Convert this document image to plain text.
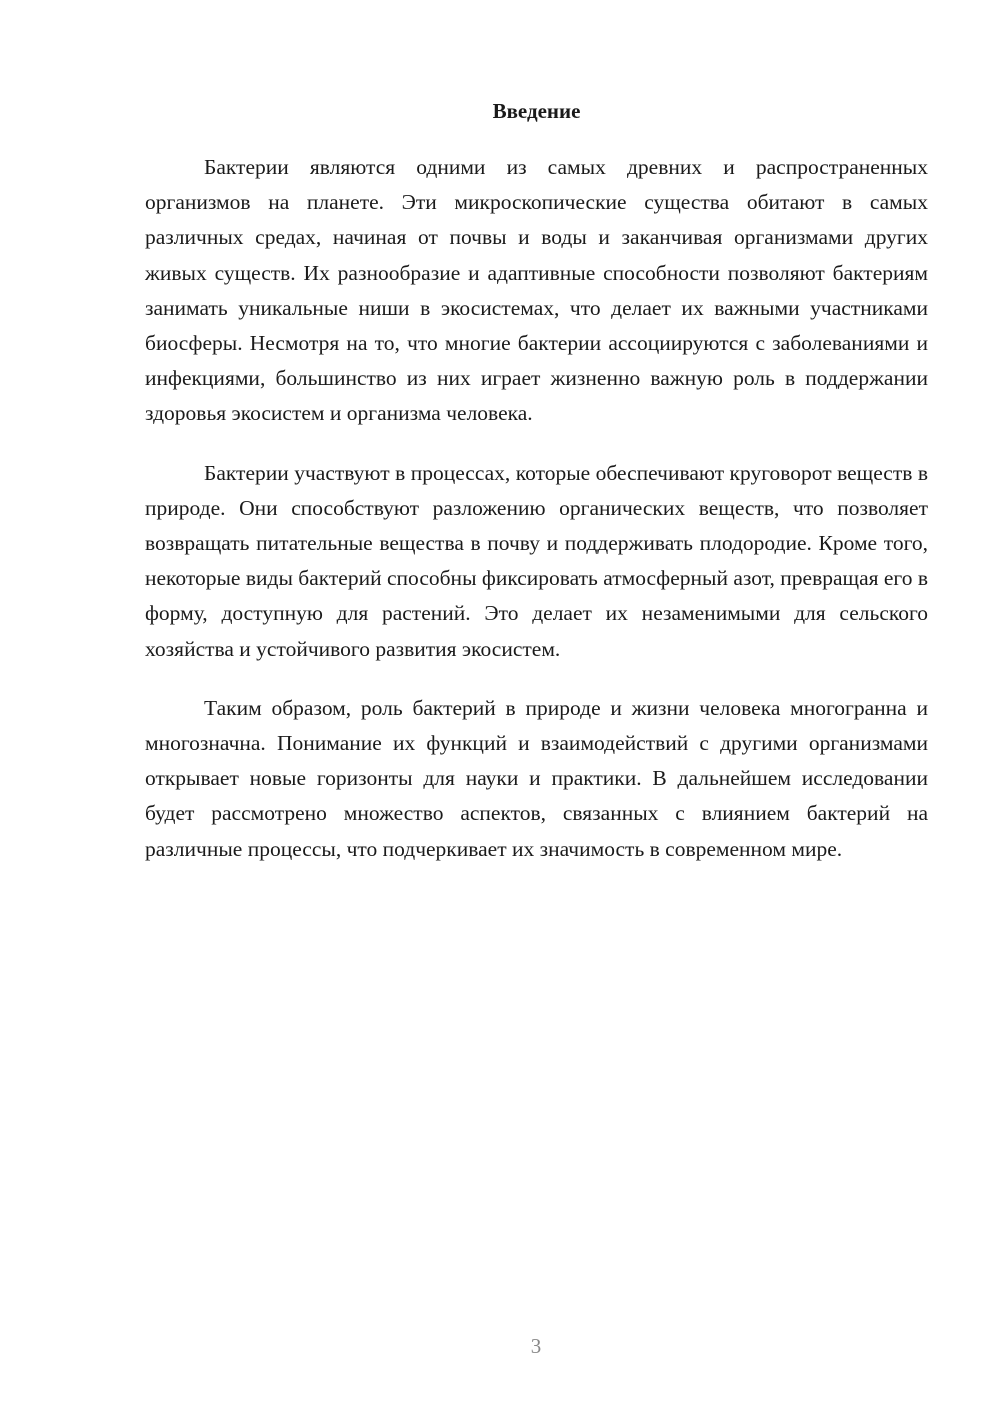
Введение

Бактерии являются одними из самых древних и распространенных организмов на планете. Эти микроскопические существа обитают в самых различных средах, начиная от почвы и воды и заканчивая организмами других живых существ. Их разнообразие и адаптивные способности позволяют бактериям занимать уникальные ниши в экосистемах, что делает их важными участниками биосферы. Несмотря на то, что многие бактерии ассоциируются с заболеваниями и инфекциями, большинство из них играет жизненно важную роль в поддержании здоровья экосистем и организма человека.

Бактерии участвуют в процессах, которые обеспечивают круговорот веществ в природе. Они способствуют разложению органических веществ, что позволяет возвращать питательные вещества в почву и поддерживать плодородие. Кроме того, некоторые виды бактерий способны фиксировать атмосферный азот, превращая его в форму, доступную для растений. Это делает их незаменимыми для сельского хозяйства и устойчивого развития экосистем.

Таким образом, роль бактерий в природе и жизни человека многогранна и многозначна. Понимание их функций и взаимодействий с другими организмами открывает новые горизонты для науки и практики. В дальнейшем исследовании будет рассмотрено множество аспектов, связанных с влиянием бактерий на различные процессы, что подчеркивает их значимость в современном мире.

3
